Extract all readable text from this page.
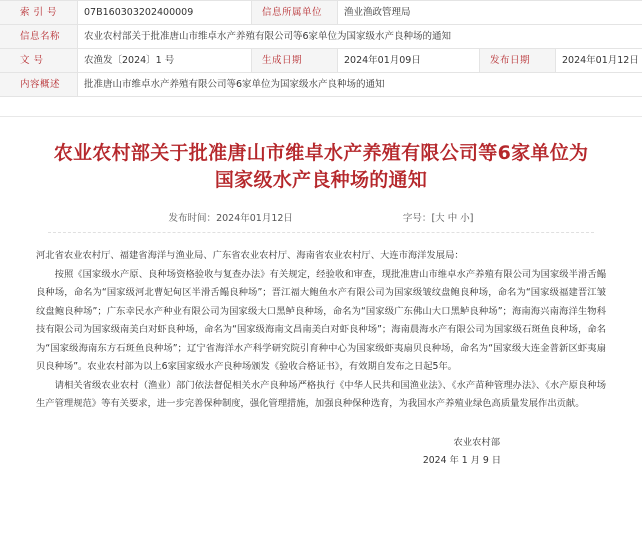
索 引 号	07B160303202400009	信息所属单位	渔业渔政管理局
信息名称	农业农村部关于批准唐山市维卓水产养殖有限公司等6家单位为国家级水产良种场的通知
文 号	农渔发〔2024〕1 号	生成日期	2024年01月09日	发布日期	2024年01月12日
内容概述	批准唐山市维卓水产养殖有限公司等6家单位为国家级水产良种场的通知
农业农村部关于批准唐山市维卓水产养殖有限公司等6家单位为国家级水产良种场的通知
发布时间： 2024年01月12日	字号： [大
中
小]

河北省农业农村厅、福建省海洋与渔业局、广东省农业农村厅、海南省农业农村厅、大连市海洋发展局：

按照《国家级水产原、良种场资格验收与复查办法》有关规定，经验收和审查，现批准唐山市维卓水产养殖有限公司为国家级半滑舌鳎良种场，命名为“国家级河北曹妃甸区半滑舌鳎良种场”；晋江福大鲍鱼水产有限公司为国家级皱纹盘鲍良种场，命名为“国家级福建晋江皱纹盘鲍良种场”；广东幸民水产种业有限公司为国家级大口黑鲈良种场，命名为“国家级广东佛山大口黑鲈良种场”；海南海兴南海洋生物科技有限公司为国家级南美白对虾良种场，命名为“国家级海南文昌南美白对虾良种场”；海南晨海水产有限公司为国家级石斑鱼良种场，命名为“国家级海南东方石斑鱼良种场”；辽宁省海洋水产科学研究院引育种中心为国家级虾夷扇贝良种场，命名为“国家级大连金普新区虾夷扇贝良种场”。农业农村部为以上6家国家级水产良种场颁发《验收合格证书》，有效期自发布之日起5年。

请相关省级农业农村（渔业）部门依法督促相关水产良种场严格执行《中华人民共和国渔业法》、《水产苗种管理办法》、《水产原良种场生产管理规范》等有关要求，进一步完善保种制度，强化管理措施，加强良种保种选育，为我国水产养殖业绿色高质量发展作出贡献。

农业农村部

2024 年 1 月 9 日
